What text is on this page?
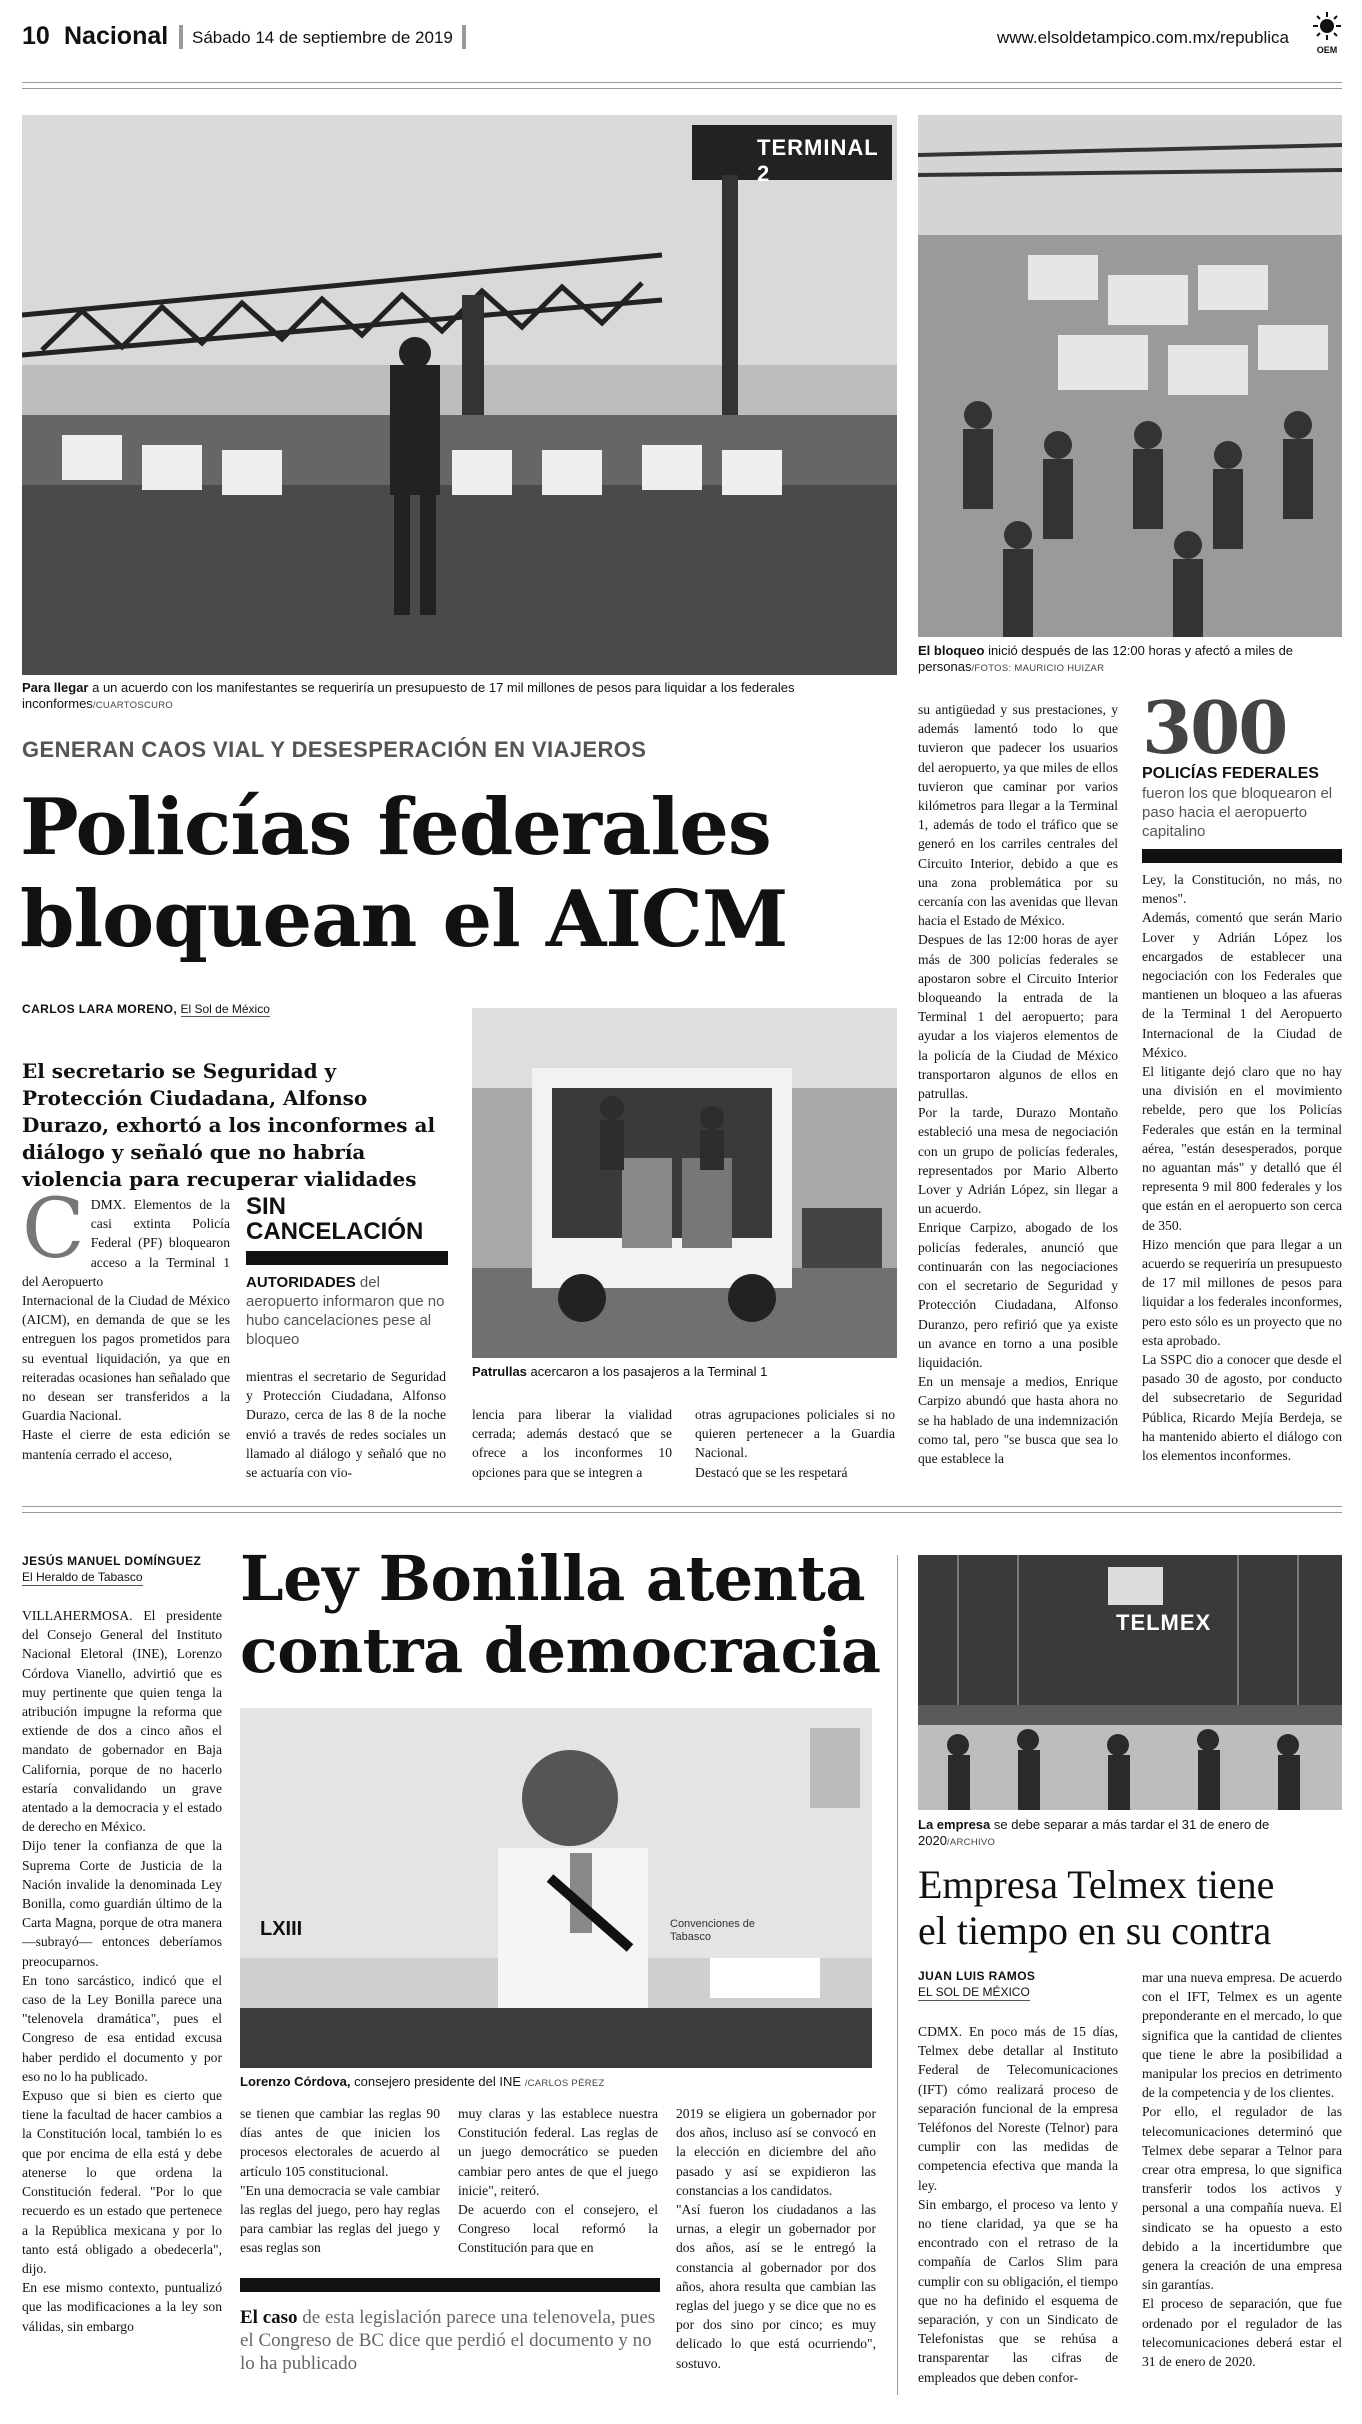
10 Nacional Sábado 14 de septiembre de 2019	www.elsoldetampico.com.mx/republica
OEM
TERMINAL 2
Para llegar a un acuerdo con los manifestantes se requeriría un presupuesto de 17 mil millones de pesos para liquidar a los federales inconformes/CUARTOSCURO
El bloqueo inició después de las 12:00 horas y afectó a miles de personas/FOTOS: MAURICIO HUIZAR
GENERAN CAOS VIAL Y DESESPERACIÓN EN VIAJEROS
Policías federales
bloquean el AICM
CARLOS LARA MORENO, El Sol de México
El secretario se Seguridad y Protección Ciudadana, Alfonso Durazo, exhortó a los inconformes al diálogo y señaló que no habría violencia para recuperar vialidades
C DMX. Elementos de la casi extinta Policía Federal (PF) bloquearon acceso a la Terminal 1 del Aeropuerto
Internacional de la Ciudad de México (AICM), en demanda de que se les entreguen los pagos prometidos para su eventual liquidación, ya que en reiteradas ocasiones han señalado que no desean ser transferidos a la Guardia Nacional.
Haste el cierre de esta edición se mantenía cerrado el acceso,
SIN
CANCELACIÓN
AUTORIDADES del aeropuerto informaron que no hubo cancelaciones pese al bloqueo
mientras el secretario de Seguridad y Protección Ciudadana, Alfonso Durazo, cerca de las 8 de la noche envió a través de redes sociales un llamado al diálogo y señaló que no se actuaría con vio-
lencia para liberar la vialidad cerrada; además destacó que se ofrece a los inconformes 10 opciones para que se integren a
otras agrupaciones policiales si no quieren pertenecer a la Guardia Nacional.
Destacó que se les respetará
Patrullas acercaron a los pasajeros a la Terminal 1
su antigüedad y sus prestaciones, y además lamentó todo lo que tuvieron que padecer los usuarios del aeropuerto, ya que miles de ellos tuvieron que caminar por varios kilómetros para llegar a la Terminal 1, además de todo el tráfico que se generó en los carriles centrales del Circuito Interior, debido a que es una zona problemática por su cercanía con las avenidas que llevan hacia el Estado de México.
Despues de las 12:00 horas de ayer más de 300 policías federales se apostaron sobre el Circuito Interior bloqueando la entrada de la Terminal 1 del aeropuerto; para ayudar a los viajeros elementos de la policía de la Ciudad de México transportaron algunos de ellos en patrullas.
Por la tarde, Durazo Montaño estableció una mesa de negociación con un grupo de policías federales, representados por Mario Alberto Lover y Adrián López, sin llegar a un acuerdo.
Enrique Carpizo, abogado de los policías federales, anunció que continuarán con las negociaciones con el secretario de Seguridad y Protección Ciudadana, Alfonso Duranzo, pero refirió que ya existe un avance en torno a una posible liquidación.
En un mensaje a medios, Enrique Carpizo abundó que hasta ahora no se ha hablado de una indemnización como tal, pero "se busca que sea lo que establece la
300
POLICÍAS FEDERALES
fueron los que bloquearon el paso hacia el aeropuerto capitalino
Ley, la Constitución, no más, no menos".
Además, comentó que serán Mario Lover y Adrián López los encargados de establecer una negociación con los Federales que mantienen un bloqueo a las afueras de la Terminal 1 del Aeropuerto Internacional de la Ciudad de México.
El litigante dejó claro que no hay una división en el movimiento rebelde, pero que los Policías Federales que están en la terminal aérea, "están desesperados, porque no aguantan más" y detalló que él representa 9 mil 800 federales y los que están en el aeropuerto son cerca de 350.
Hizo mención que para llegar a un acuerdo se requeriría un presupuesto de 17 mil millones de pesos para liquidar a los federales inconformes, pero esto sólo es un proyecto que no esta aprobado.
La SSPC dio a conocer que desde el pasado 30 de agosto, por conducto del subsecretario de Seguridad Pública, Ricardo Mejía Berdeja, se ha mantenido abierto el diálogo con los elementos inconformes.
JESÚS MANUEL DOMÍNGUEZ
El Heraldo de Tabasco
VILLAHERMOSA. El presidente del Consejo General del Instituto Nacional Eletoral (INE), Lorenzo Córdova Vianello, advirtió que es muy pertinente que quien tenga la atribución impugne la reforma que extiende de dos a cinco años el mandato de gobernador en Baja California, porque de no hacerlo estaría convalidando un grave atentado a la democracia y el estado de derecho en México.
Dijo tener la confianza de que la Suprema Corte de Justicia de la Nación invalide la denominada Ley Bonilla, como guardián último de la Carta Magna, porque de otra manera —subrayó— entonces deberíamos preocuparnos.
En tono sarcástico, indicó que el caso de la Ley Bonilla parece una "telenovela dramática", pues el Congreso de esa entidad excusa haber perdido el documento y por eso no lo ha publicado.
Expuso que si bien es cierto que tiene la facultad de hacer cambios a la Constitución local, también lo es que por encima de ella está y debe atenerse lo que ordena la Constitución federal. "Por lo que recuerdo es un estado que pertenece a la República mexicana y por lo tanto está obligado a obedecerla", dijo.
En ese mismo contexto, puntualizó que las modificaciones a la ley son válidas, sin embargo
Ley Bonilla atenta
contra democracia
LXIII	Convenciones de Tabasco
Lorenzo Córdova, consejero presidente del INE /CARLOS PÉREZ
se tienen que cambiar las reglas 90 días antes de que inicien los procesos electorales de acuerdo al artículo 105 constitucional.
"En una democracia se vale cambiar las reglas del juego, pero hay reglas para cambiar las reglas del juego y esas reglas son
muy claras y las establece nuestra Constitución federal. Las reglas de un juego democrático se pueden cambiar pero antes de que el juego inicie", reiteró.
De acuerdo con el consejero, el Congreso local reformó la Constitución para que en
2019 se eligiera un gobernador por dos años, incluso así se convocó en la elección en diciembre del año pasado y así se expidieron las constancias a los candidatos.
"Así fueron los ciudadanos a las urnas, a elegir un gobernador por dos años, así se le entregó la constancia al gobernador por dos años, ahora resulta que cambian las reglas del juego y se dice que no es por dos sino por cinco; es muy delicado lo que está ocurriendo", sostuvo.
El caso de esta legislación parece una telenovela, pues el Congreso de BC dice que perdió el documento y no lo ha publicado
TELMEX
La empresa se debe separar a más tardar el 31 de enero de 2020/ARCHIVO
Empresa Telmex tiene
el tiempo en su contra
JUAN LUIS RAMOS
EL SOL DE MÉXICO
CDMX. En poco más de 15 días, Telmex debe detallar al Instituto Federal de Telecomunicaciones (IFT) cómo realizará proceso de separación funcional de la empresa Teléfonos del Noreste (Telnor) para cumplir con las medidas de competencia efectiva que manda la ley.
Sin embargo, el proceso va lento y no tiene claridad, ya que se ha encontrado con el retraso de la compañía de Carlos Slim para cumplir con su obligación, el tiempo que no ha definido el esquema de separación, y con un Sindicato de Telefonistas que se rehúsa a transparentar las cifras de empleados que deben confor-
mar una nueva empresa. De acuerdo con el IFT, Telmex es un agente preponderante en el mercado, lo que significa que la cantidad de clientes que tiene le abre la posibilidad a manipular los precios en detrimento de la competencia y de los clientes.
Por ello, el regulador de las telecomunicaciones determinó que Telmex debe separar a Telnor para crear otra empresa, lo que significa transferir todos los activos y personal a una compañía nueva. El sindicato se ha opuesto a esto debido a la incertidumbre que genera la creación de una empresa sin garantías.
El proceso de separación, que fue ordenado por el regulador de las telecomunicaciones deberá estar el 31 de enero de 2020.
